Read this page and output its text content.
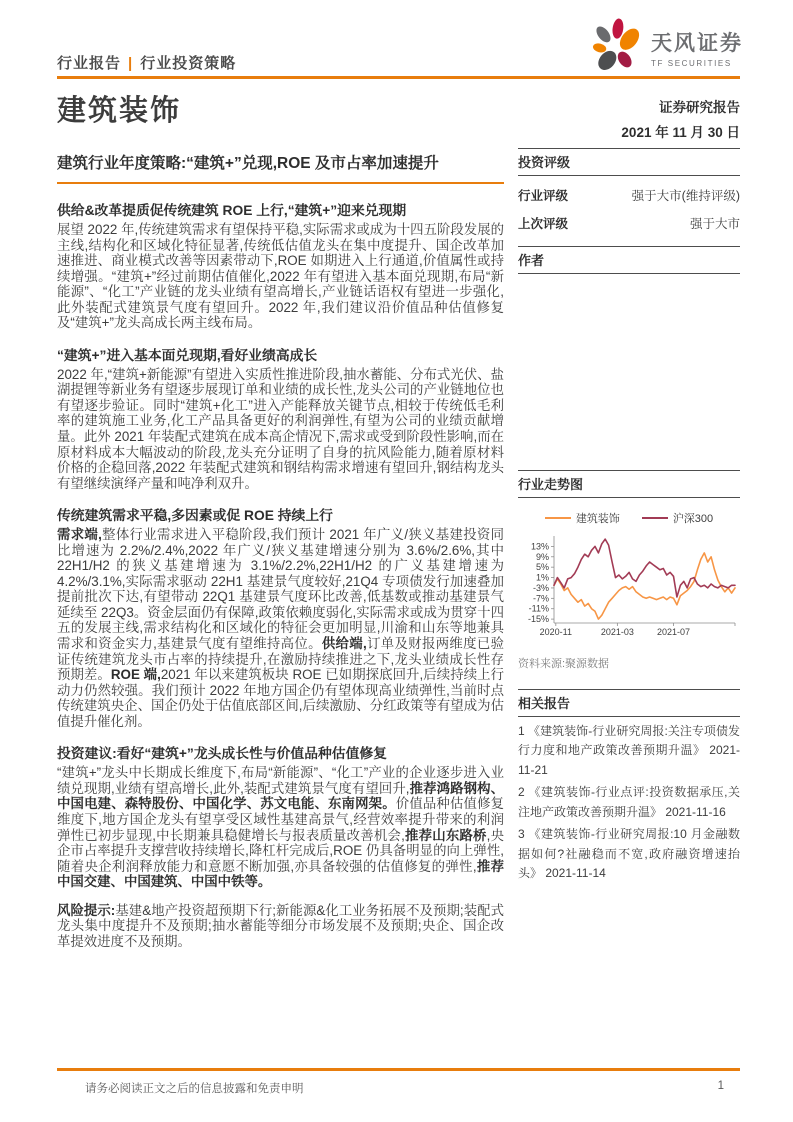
行业报告 | 行业投资策略
天风证券
TF SECURITIES
建筑装饰
建筑行业年度策略:“建筑+”兑现,ROE 及市占率加速提升
供给&改革提质促传统建筑 ROE 上行,“建筑+”迎来兑现期
展望 2022 年,传统建筑需求有望保持平稳,实际需求或成为十四五阶段发展的主线,结构化和区域化特征显著,传统低估值龙头在集中度提升、国企改革加速推进、商业模式改善等因素带动下,ROE 如期进入上行通道,价值属性或持续增强。“建筑+”经过前期估值催化,2022 年有望进入基本面兑现期,布局“新能源”、“化工”产业链的龙头业绩有望高增长,产业链话语权有望进一步强化,此外装配式建筑景气度有望回升。2022 年,我们建议沿价值品种估值修复及“建筑+”龙头高成长两主线布局。
“建筑+”进入基本面兑现期,看好业绩高成长
2022 年,“建筑+新能源”有望进入实质性推进阶段,抽水蓄能、分布式光伏、盐湖提锂等新业务有望逐步展现订单和业绩的成长性,龙头公司的产业链地位也有望逐步验证。同时“建筑+化工”进入产能释放关键节点,相较于传统低毛利率的建筑施工业务,化工产品具备更好的利润弹性,有望为公司的业绩贡献增量。此外 2021 年装配式建筑在成本高企情况下,需求或受到阶段性影响,而在原材料成本大幅波动的阶段,龙头充分证明了自身的抗风险能力,随着原材料价格的企稳回落,2022 年装配式建筑和钢结构需求增速有望回升,钢结构龙头有望继续演绎产量和吨净利双升。
传统建筑需求平稳,多因素或促 ROE 持续上行
需求端,整体行业需求进入平稳阶段,我们预计 2021 年广义/狭义基建投资同比增速为 2.2%/2.4%,2022 年广义/狭义基建增速分别为 3.6%/2.6%,其中 22H1/H2 的狭义基建增速为 3.1%/2.2%,22H1/H2 的广义基建增速为 4.2%/3.1%,实际需求驱动 22H1 基建景气度较好,21Q4 专项债发行加速叠加提前批次下达,有望带动 22Q1 基建景气度环比改善,低基数或推动基建景气延续至 22Q3。资金层面仍有保障,政策依赖度弱化,实际需求或成为贯穿十四五的发展主线,需求结构化和区域化的特征会更加明显,川渝和山东等地兼具需求和资金实力,基建景气度有望维持高位。供给端,订单及财报两维度已验证传统建筑龙头市占率的持续提升,在激励持续推进之下,龙头业绩成长性存预期差。ROE 端,2021 年以来建筑板块 ROE 已如期探底回升,后续持续上行动力仍然较强。我们预计 2022 年地方国企仍有望体现高业绩弹性,当前时点传统建筑央企、国企仍处于估值底部区间,后续激励、分红政策等有望成为估值提升催化剂。
投资建议:看好“建筑+”龙头成长性与价值品种估值修复
“建筑+”龙头中长期成长维度下,布局“新能源”、“化工”产业的企业逐步进入业绩兑现期,业绩有望高增长,此外,装配式建筑景气度有望回升,推荐鸿路钢构、中国电建、森特股份、中国化学、苏文电能、东南网架。价值品种估值修复维度下,地方国企龙头有望享受区域性基建高景气,经营效率提升带来的利润弹性已初步显现,中长期兼具稳健增长与报表质量改善机会,推荐山东路桥,央企市占率提升支撑营收持续增长,降杠杆完成后,ROE 仍具备明显的向上弹性,随着央企利润释放能力和意愿不断加强,亦具备较强的估值修复的弹性,推荐中国交建、中国建筑、中国中铁等。
风险提示:基建&地产投资超预期下行;新能源&化工业务拓展不及预期;装配式龙头集中度提升不及预期;抽水蓄能等细分市场发展不及预期;央企、国企改革提效进度不及预期。
证券研究报告
2021 年 11 月 30 日
投资评级
行业评级	强于大市(维持评级)
上次评级	强于大市
作者
行业走势图
建筑装饰	沪深300
13%
9%
5%
1%
-3%
-7%
-11%
-15%
2020-11	2021-03	2021-07
资料来源:聚源数据
相关报告
1 《建筑装饰-行业研究周报:关注专项债发行力度和地产政策改善预期升温》 2021-11-21
2 《建筑装饰-行业点评:投资数据承压,关注地产政策改善预期升温》 2021-11-16
3 《建筑装饰-行业研究周报:10 月金融数据如何?社融稳而不宽,政府融资增速抬头》 2021-11-14
请务必阅读正文之后的信息披露和免责申明	1
